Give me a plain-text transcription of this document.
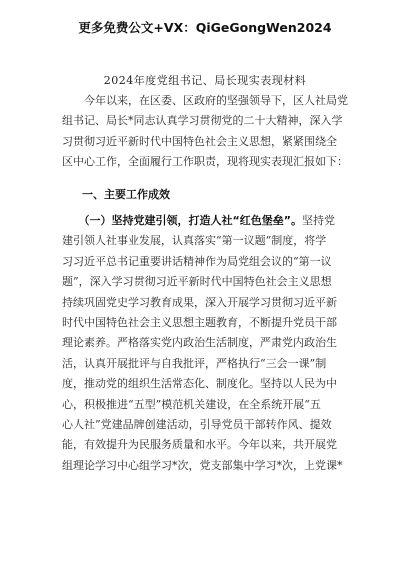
更多免费公文+VX：QiGeGongWen2024
2024年度党组书记、局长现实表现材料
　　今年以来，在区委、区政府的坚强领导下，区人社局党
组书记、局长*同志认真学习贯彻党的二十大精神，深入学
习贯彻习近平新时代中国特色社会主义思想，紧紧围绕全
区中心工作，全面履行工作职责，现将现实表现汇报如下：
一、主要工作成效
　　（一）坚持党建引领，打造人社“红色堡垒”。坚持党
建引领人社事业发展，认真落实“第一议题”制度，将学
习习近平总书记重要讲话精神作为局党组会议的“第一议
题”，深入学习贯彻习近平新时代中国特色社会主义思想
持续巩固党史学习教育成果，深入开展学习贯彻习近平新
时代中国特色社会主义思想主题教育，不断提升党员干部
理论素养。严格落实党内政治生活制度，严肃党内政治生
活，认真开展批评与自我批评，严格执行“三会一课”制
度，推动党的组织生活常态化、制度化。坚持以人民为中
心，积极推进“五型”模范机关建设，在全系统开展“五
心人社”党建品牌创建活动，引导党员干部转作风、提效
能，有效提升为民服务质量和水平。今年以来，共开展党
组理论学习中心组学习*次，党支部集中学习*次，上党课*
